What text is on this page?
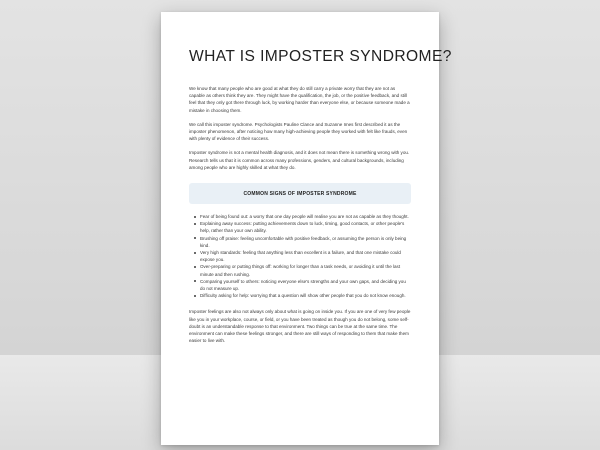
WHAT IS IMPOSTER SYNDROME?

We know that many people who are good at what they do still carry a private worry that they are not as capable as others think they are. They might have the qualification, the job, or the positive feedback, and still feel that they only got there through luck, by working harder than everyone else, or because someone made a mistake in choosing them.

We call this imposter syndrome. Psychologists Pauline Clance and Suzanne Imes first described it as the imposter phenomenon, after noticing how many high-achieving people they worked with felt like frauds, even with plenty of evidence of their success.

Imposter syndrome is not a mental health diagnosis, and it does not mean there is something wrong with you. Research tells us that it is common across many professions, genders, and cultural backgrounds, including among people who are highly skilled at what they do.

COMMON SIGNS OF IMPOSTER SYNDROME
Fear of being found out: a worry that one day people will realise you are not as capable as they thought.
Explaining away success: putting achievements down to luck, timing, good contacts, or other people's help, rather than your own ability.
Brushing off praise: feeling uncomfortable with positive feedback, or assuming the person is only being kind.
Very high standards: feeling that anything less than excellent is a failure, and that one mistake could expose you.
Over-preparing or putting things off: working for longer than a task needs, or avoiding it until the last minute and then rushing.
Comparing yourself to others: noticing everyone else's strengths and your own gaps, and deciding you do not measure up.
Difficulty asking for help: worrying that a question will show other people that you do not know enough.

Imposter feelings are also not always only about what is going on inside you. If you are one of very few people like you in your workplace, course, or field, or you have been treated as though you do not belong, some self-doubt is an understandable response to that environment. Two things can be true at the same time. The environment can make these feelings stronger, and there are still ways of responding to them that make them easier to live with.
